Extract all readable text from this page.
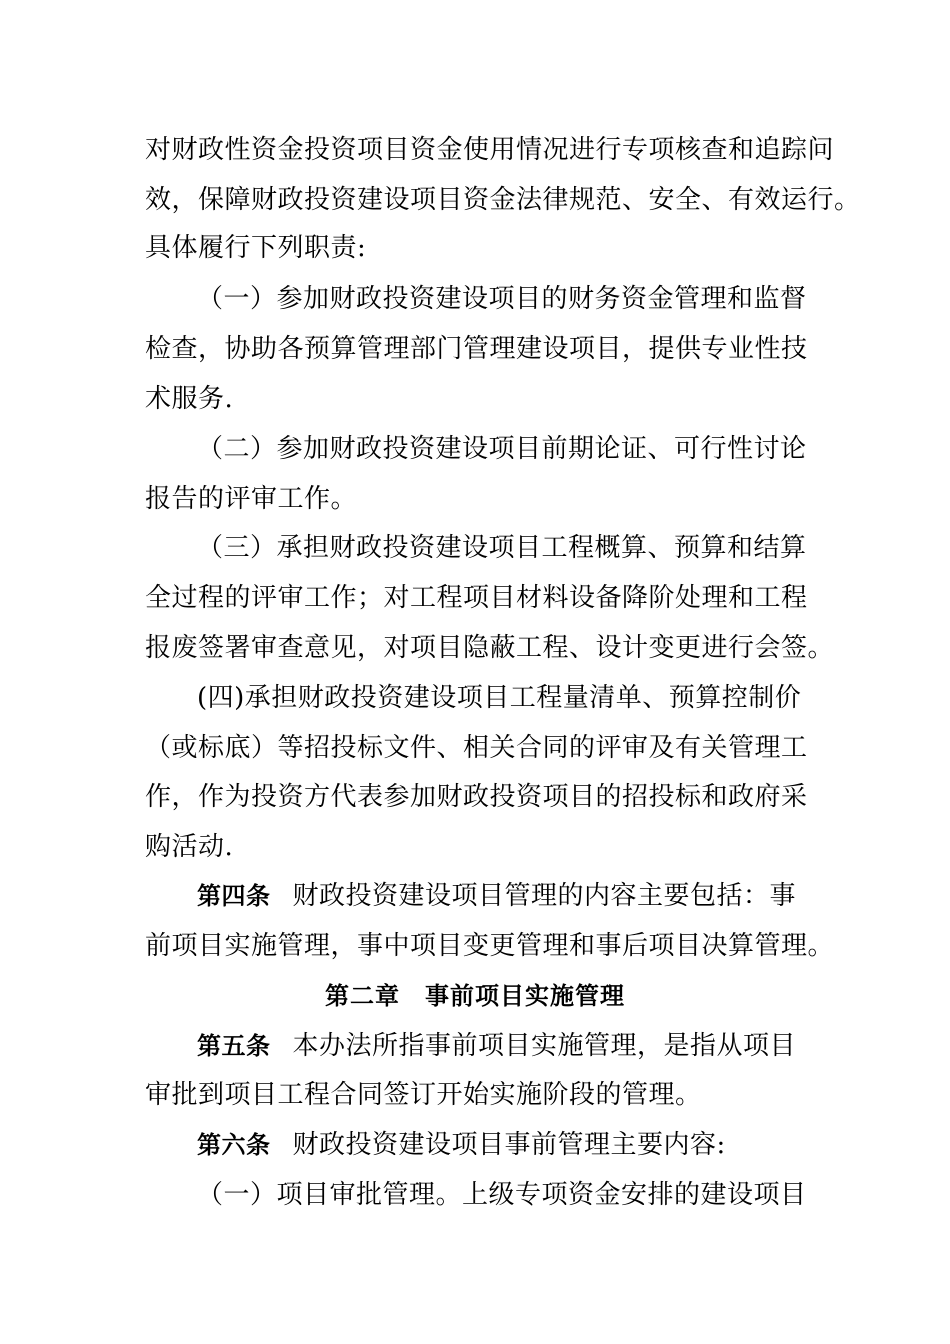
对财政性资金投资项目资金使用情况进行专项核查和追踪问
效，保障财政投资建设项目资金法律规范、安全、有效运行。
具体履行下列职责:
（一）参加财政投资建设项目的财务资金管理和监督
检查，协助各预算管理部门管理建设项目，提供专业性技
术服务.
（二）参加财政投资建设项目前期论证、可行性讨论
报告的评审工作。
（三）承担财政投资建设项目工程概算、预算和结算
全过程的评审工作；对工程项目材料设备降阶处理和工程
报废签署审查意见，对项目隐蔽工程、设计变更进行会签。
(四)承担财政投资建设项目工程量清单、预算控制价
（或标底）等招投标文件、相关合同的评审及有关管理工
作，作为投资方代表参加财政投资项目的招投标和政府采
购活动.
第四条 财政投资建设项目管理的内容主要包括：事
前项目实施管理，事中项目变更管理和事后项目决算管理。
第二章　事前项目实施管理
第五条 本办法所指事前项目实施管理，是指从项目
审批到项目工程合同签订开始实施阶段的管理。
第六条 财政投资建设项目事前管理主要内容:
（一）项目审批管理。上级专项资金安排的建设项目
